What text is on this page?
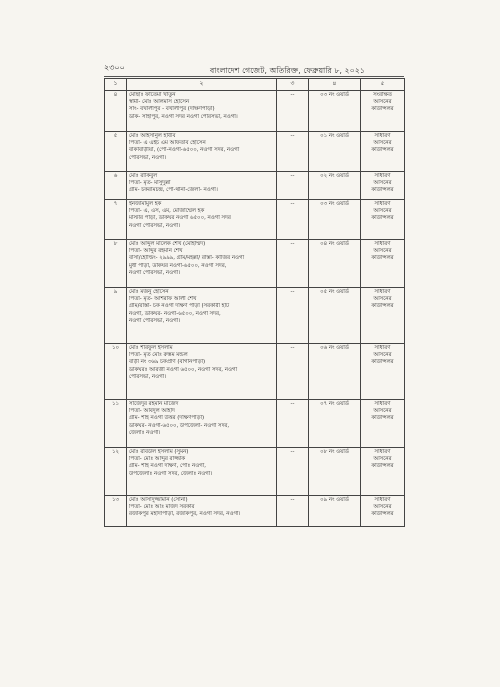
২৩০০	বাংলাদেশ গেজেট, অতিরিক্ত, ফেব্রুয়ারি ৮, ২০২১
১	২	৩	৪	৫
৪	মোছাঃ ফাতেমা খাতুন
স্বামী- মোঃ আলমাস হোসেন
সাং- বখালীপুর - বখালীপুর (দক্ষিণপাড়া)
ডাক- সাহাপুর, নওগাঁ সদর নওগাঁ পৌরসভা, নওগাঁ।	--	০৩ নং ওয়ার্ড	সংরক্ষিত
আসনের
কাউন্সিলর

৫	মোঃ আহসানুল হাবীব
পিতা- এ এইচ এম আফতাব হোসেন
বাকাবাড়ীয়া, (পো-নওগাঁ-৬৫০০, নওগাঁ সদর, নওগাঁ
পৌরসভা, নওগাঁ।	--	০১ নং ওয়ার্ড	সাধারণ
আসনের
কাউন্সিলর

৬	মোঃ রাকিবুল
পিতা- মৃত- মাসুদুল্লা
গ্রাম- চকরামচন্দ্র, পো-থানা-জেলা- নওগাঁ।	--	০২ নং ওয়ার্ড	সাধারণ
আসনের
কাউন্সিলর

৭	ইনজামামুল হক
পিতা- এ, এস, এম, মোজাম্মেল হক
মাস্টার পাড়া, ডাকঘর নওগাঁ ৬৫০০, নওগাঁ সদর
নওগাঁ পৌরসভা, নওগাঁ।	--	০৩ নং ওয়ার্ড	সাধারণ
আসনের
কাউন্সিলর

৮	মোঃ আব্দুল মালেক শেখ (মোহাম্মদ)
পিতা- আব্দুর রহমান শেখ
বাসা/হোল্ডিং- ২৯৯৯, গ্রাম/মহল্লা/ রাস্তা- কাজির নওগাঁ
মুধা পাড়া, ডাকঘর নওগাঁ-৬৫০০, নওগাঁ সদর,
নওগাঁ পৌরসভা, নওগাঁ।	--	০৪ নং ওয়ার্ড	সাধারণ
আসনের
কাউন্সিলর

৯	মোঃ মজনু হোসেন
পিতা- মৃত- আশরাফ আলী শেখ
গ্রাম/রাস্তা- চক নওগাঁ দক্ষিণ পাড়া (সরকারী হাট
নওগাঁ, ডাকঘর- নওগাঁ-৬৫০০, নওগাঁ সদর,
নওগাঁ পৌরসভা, নওগাঁ।	--	০৫ নং ওয়ার্ড	সাধারণ
আসনের
কাউন্সিলর

১০	মোঃ শরিফুল ইসলাম
পিতা- মৃত মোঃ রুস্তম মন্ডল
বাড়ী নং ৩৬৯ চকপ্রাণ (বাগানপাড়া)
ডাকঘরঃ আরজী নওগাঁ ৬৫০০, নওগাঁ সদর, নওগাঁ
পৌরসভা, নওগাঁ।	--	০৬ নং ওয়ার্ড	সাধারণ
আসনের
কাউন্সিলর

১১	সাজেদুর রহমান মাজেদ
পিতা- আবদুল আহাদ
গ্রাম- শাহ নওগাঁ উত্তর (দক্ষিণপাড়া)
ডাকঘর- নওগাঁ-৬৫০০, উপজেলা- নওগাঁ সদর,
জেলাঃ নওগাঁ।	--	০৭ নং ওয়ার্ড	সাধারণ
আসনের
কাউন্সিলর

১২	মোঃ রবিউল ইসলাম (সুমন)
পিতা- মোঃ আব্দুর রাজ্জাক
গ্রাম- শাহ নওগাঁ দক্ষিণ, পোঃ নওগাঁ,
উপজেলাঃ নওগাঁ সদর, জেলাঃ নওগাঁ।	--	০৮ নং ওয়ার্ড	সাধারণ
আসনের
কাউন্সিলর

১৩	মোঃ আসাদুজ্জামান (সোনা)
পিতা- মোঃ আঃ মজিদ সরকার
রজাকপুর মহাদাপাড়া, রজাকপুর, নওগাঁ সদর, নওগাঁ।	--	০৯ নং ওয়ার্ড	সাধারণ
আসনের
কাউন্সিলর
